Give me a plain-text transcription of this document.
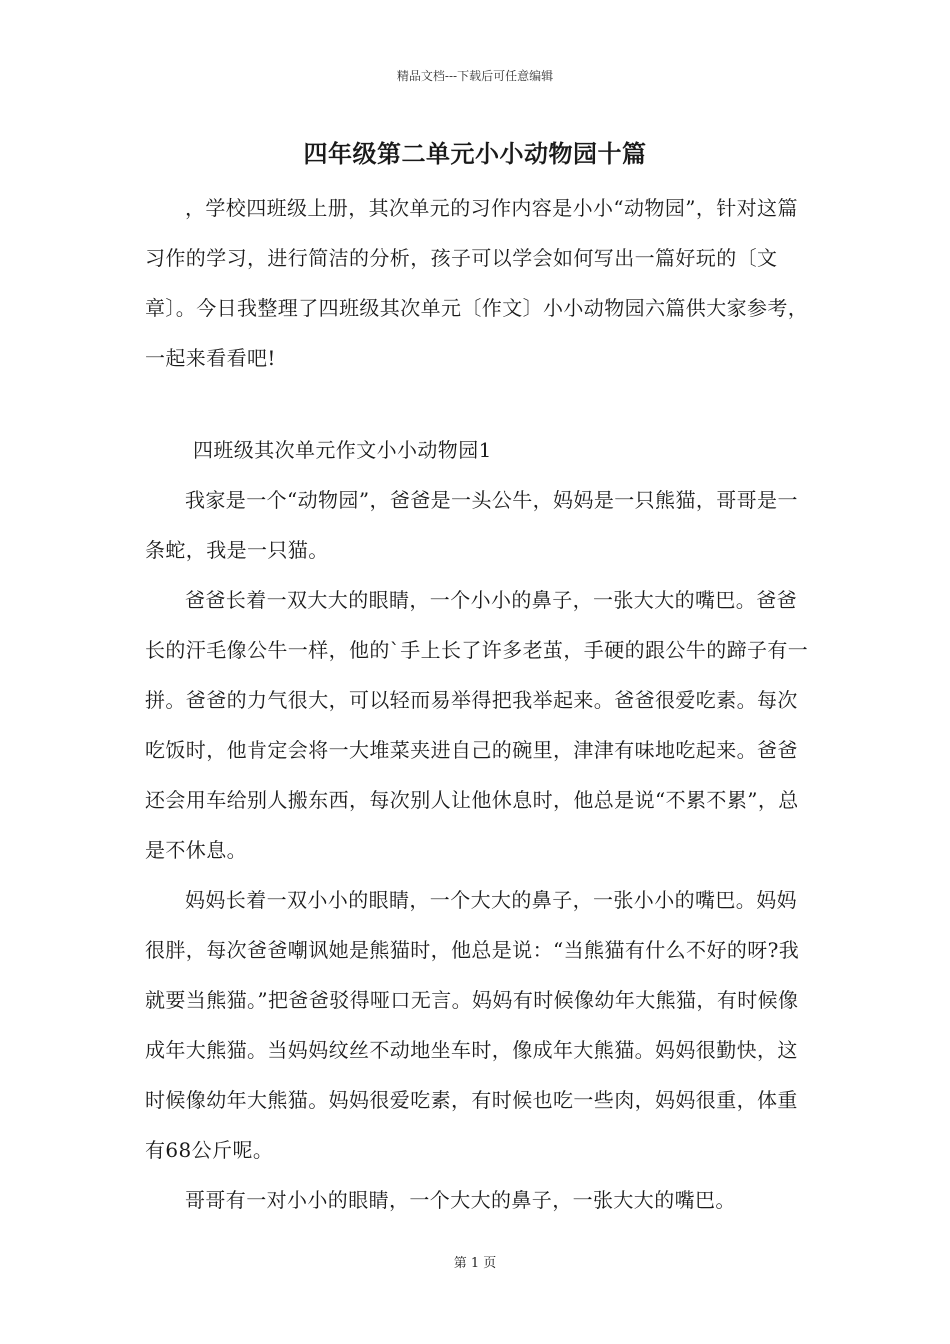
精品文档---下载后可任意编辑
四年级第二单元小小动物园十篇

，学校四班级上册，其次单元的习作内容是小小“动物园”，针对这篇习作的学习，进行简洁的分析，孩子可以学会如何写出一篇好玩的〔文章〕。今日我整理了四班级其次单元〔作文〕小小动物园六篇供大家参考，一起来看看吧!

四班级其次单元作文小小动物园1

我家是一个“动物园”，爸爸是一头公牛，妈妈是一只熊猫，哥哥是一条蛇，我是一只猫。

爸爸长着一双大大的眼睛，一个小小的鼻子，一张大大的嘴巴。爸爸长的汗毛像公牛一样，他的`手上长了许多老茧，手硬的跟公牛的蹄子有一拼。爸爸的力气很大，可以轻而易举得把我举起来。爸爸很爱吃素。每次吃饭时，他肯定会将一大堆菜夹进自己的碗里，津津有味地吃起来。爸爸还会用车给别人搬东西，每次别人让他休息时，他总是说“不累不累”，总是不休息。

妈妈长着一双小小的眼睛，一个大大的鼻子，一张小小的嘴巴。妈妈很胖，每次爸爸嘲讽她是熊猫时，他总是说：“当熊猫有什么不好的呀?我就要当熊猫。”把爸爸驳得哑口无言。妈妈有时候像幼年大熊猫，有时候像成年大熊猫。当妈妈纹丝不动地坐车时，像成年大熊猫。妈妈很勤快，这时候像幼年大熊猫。妈妈很爱吃素，有时候也吃一些肉，妈妈很重，体重有68公斤呢。

哥哥有一对小小的眼睛，一个大大的鼻子，一张大大的嘴巴。

第 1 页
